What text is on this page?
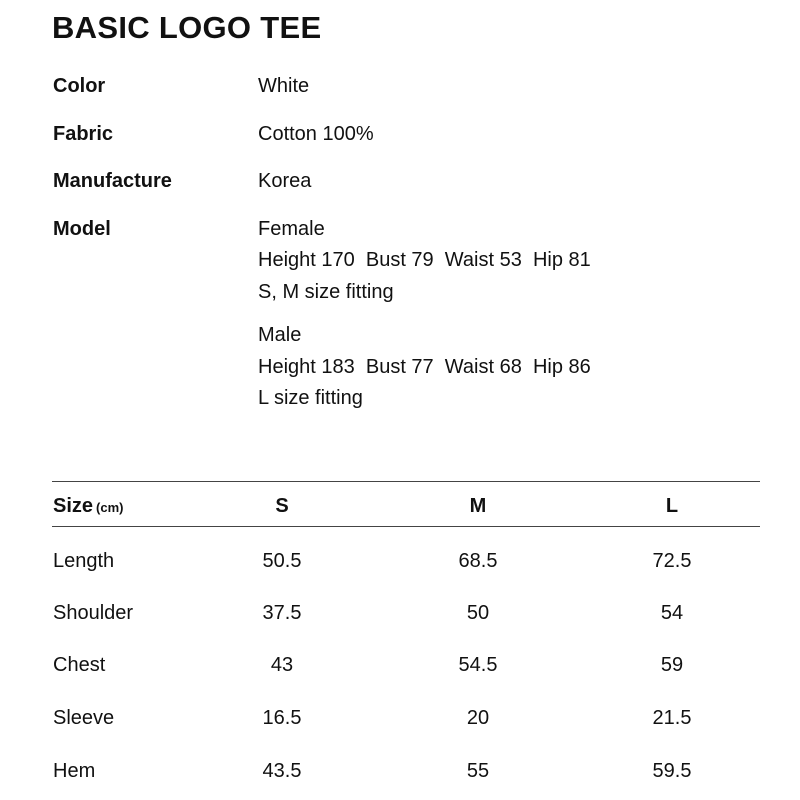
BASIC LOGO TEE
Color	White
Fabric	Cotton 100%
Manufacture	Korea
Model	Female
Height 170  Bust 79  Waist 53  Hip 81
S, M size fitting
Male
Height 183  Bust 77  Waist 68  Hip 86
L size fitting
Size (cm)	S	M	L
Length	50.5	68.5	72.5
Shoulder	37.5	50	54
Chest	43	54.5	59
Sleeve	16.5	20	21.5
Hem	43.5	55	59.5
